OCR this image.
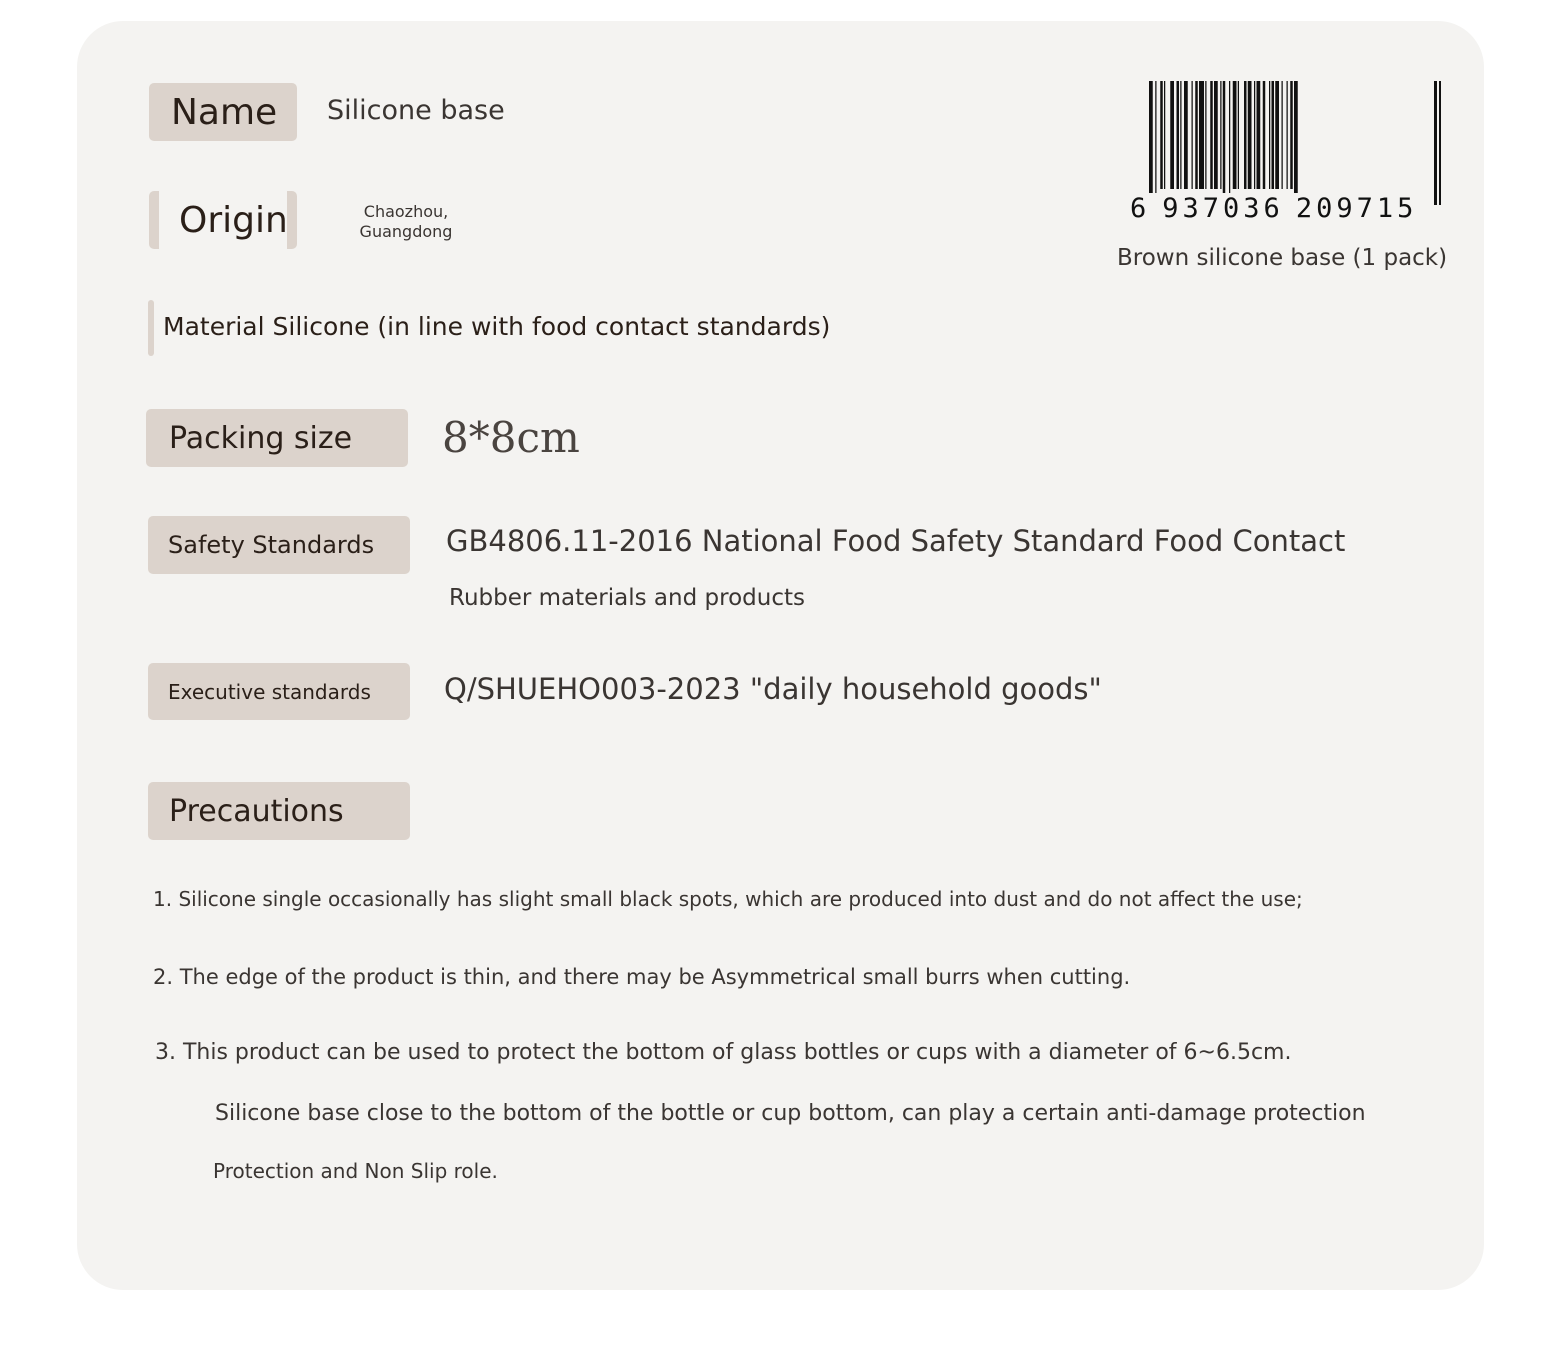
Name Silicone base
Origin	Chaozhou,
Guangdong
Material Silicone (in line with food contact standards)
Packing size 8*8cm
Safety Standards GB4806.11-2016 National Food Safety Standard Food Contact
Rubber materials and products
Executive standards	Q/SHUEHO003-2023 "daily household goods"
6 937036 209715
Brown silicone base (1 pack)
Precautions
1. Silicone single occasionally has slight small black spots, which are produced into dust and do not affect the use;
2. The edge of the product is thin, and there may be Asymmetrical small burrs when cutting.
3. This product can be used to protect the bottom of glass bottles or cups with a diameter of 6~6.5cm.
Silicone base close to the bottom of the bottle or cup bottom, can play a certain anti-damage protection
Protection and Non Slip role.
